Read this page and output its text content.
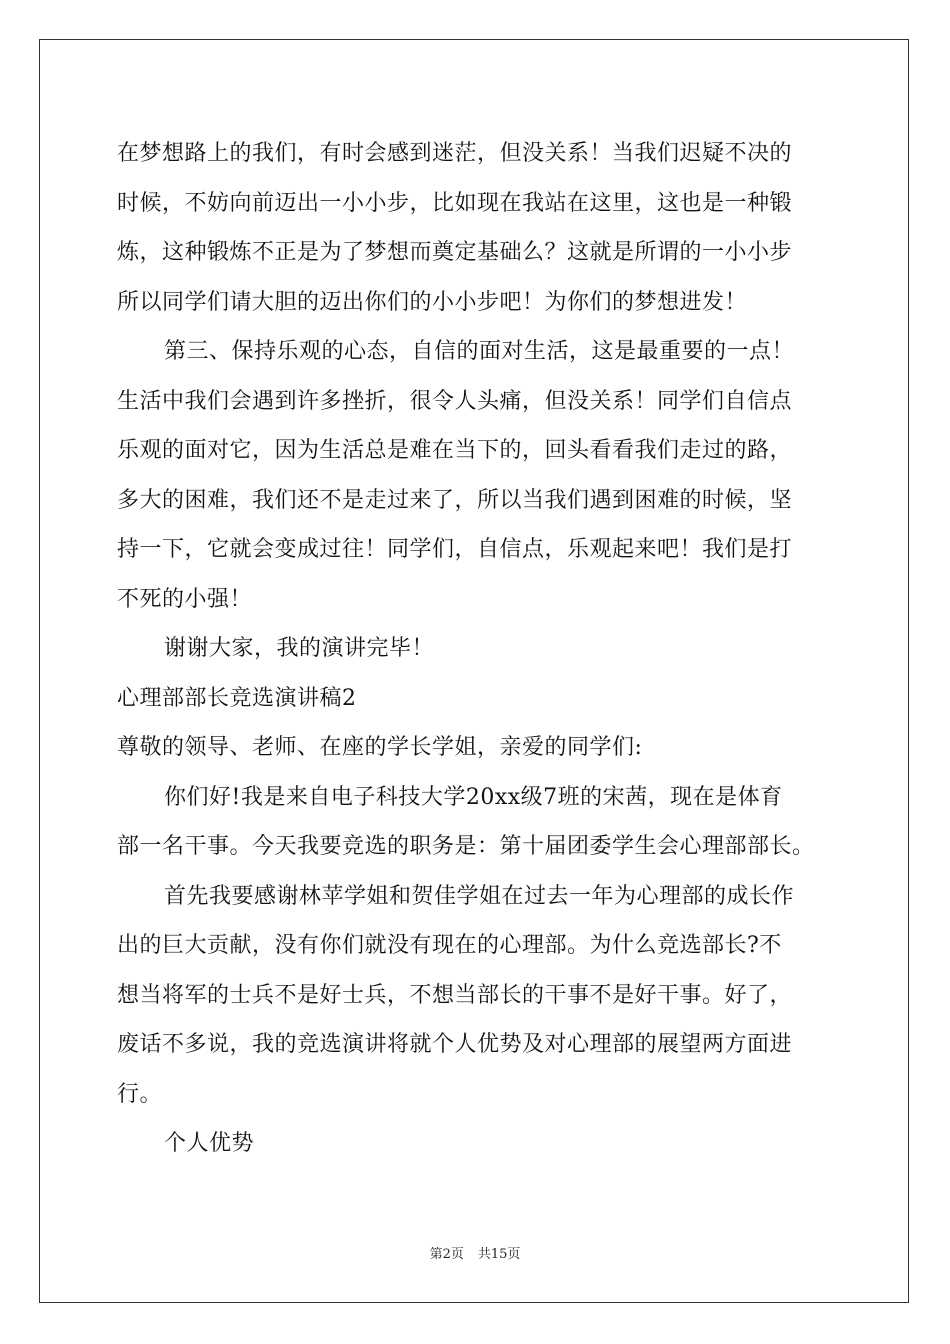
在梦想路上的我们，有时会感到迷茫，但没关系！当我们迟疑不决的
时候，不妨向前迈出一小小步，比如现在我站在这里，这也是一种锻
炼，这种锻炼不正是为了梦想而奠定基础么？这就是所谓的一小小步
所以同学们请大胆的迈出你们的小小步吧！为你们的梦想进发！
第三、保持乐观的心态，自信的面对生活，这是最重要的一点！
生活中我们会遇到许多挫折，很令人头痛，但没关系！同学们自信点
乐观的面对它，因为生活总是难在当下的，回头看看我们走过的路，
多大的困难，我们还不是走过来了，所以当我们遇到困难的时候，坚
持一下，它就会变成过往！同学们，自信点，乐观起来吧！我们是打
不死的小强！
谢谢大家，我的演讲完毕！
心理部部长竞选演讲稿2
尊敬的领导、老师、在座的学长学姐，亲爱的同学们:
你们好!我是来自电子科技大学20xx级7班的宋茜，现在是体育
部一名干事。今天我要竞选的职务是：第十届团委学生会心理部部长。
首先我要感谢林苹学姐和贺佳学姐在过去一年为心理部的成长作
出的巨大贡献，没有你们就没有现在的心理部。为什么竞选部长?不
想当将军的士兵不是好士兵，不想当部长的干事不是好干事。好了，
废话不多说，我的竞选演讲将就个人优势及对心理部的展望两方面进
行。
个人优势
第2页 共15页
